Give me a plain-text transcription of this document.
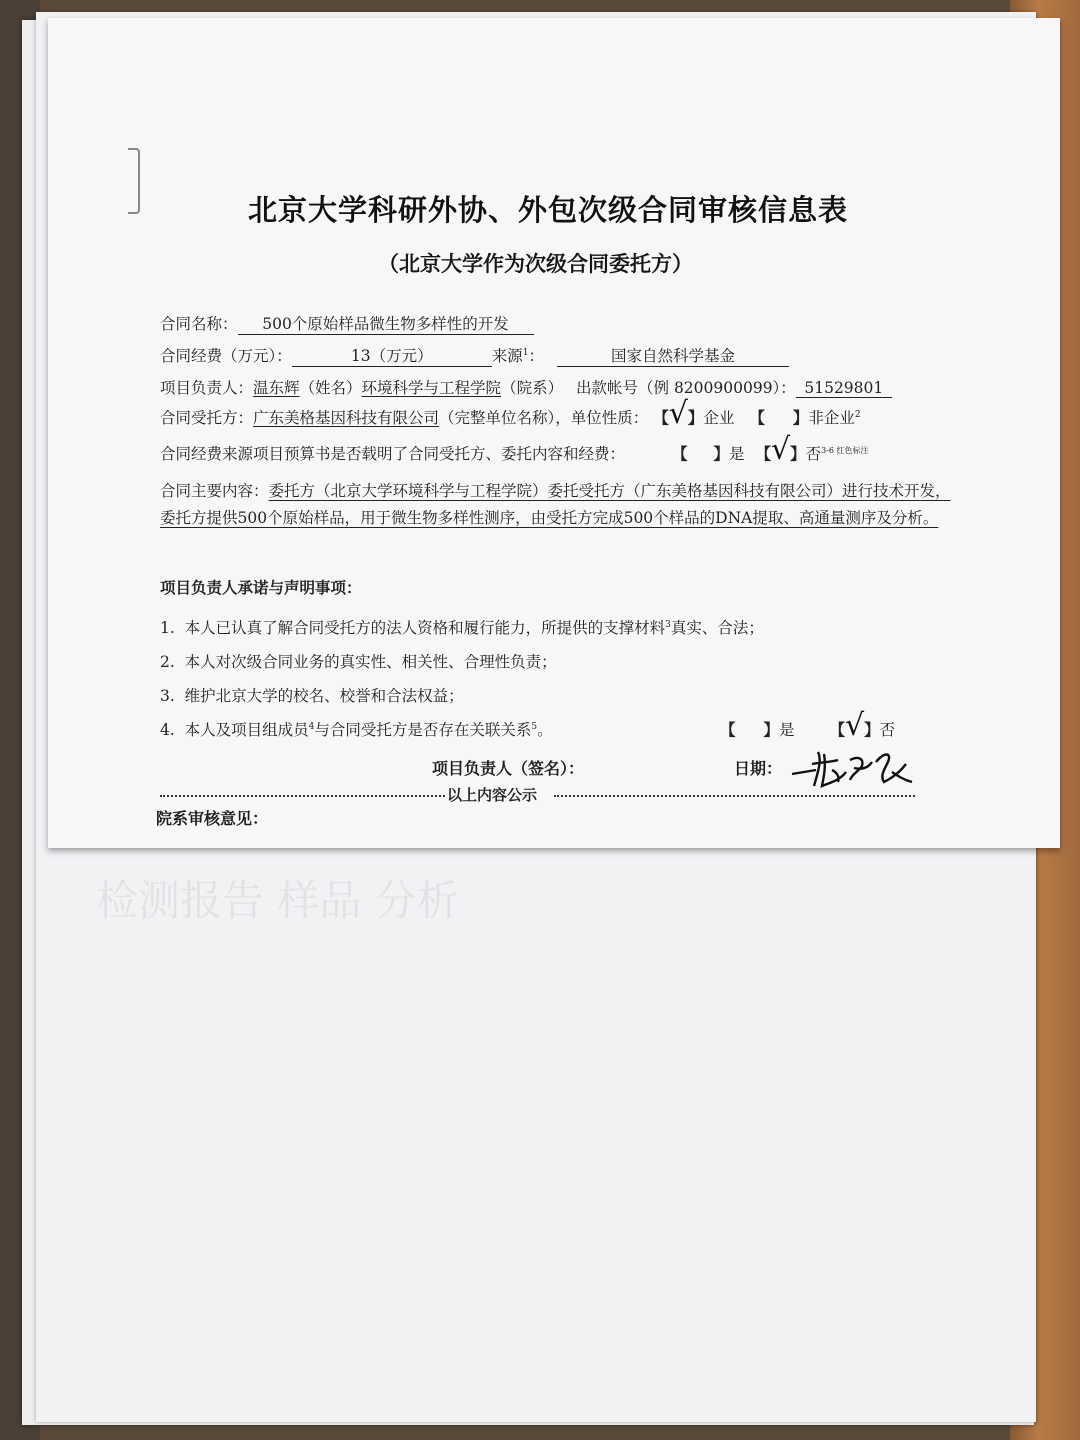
检测报告 样品 分析
北京大学科研外协、外包次级合同审核信息表
（北京大学作为次级合同委托方）
合同名称： 500个原始样品微生物多样性的开发
合同经费（万元）：	13（万元）	来源$^1$：	国家自然科学基金
项目负责人：温东辉（姓名）环境科学与工程学院（院系） 出款帐号（例 8200900099）： 51529801
合同受托方：广东美格基因科技有限公司（完整单位名称），单位性质： 【√】企业 【 】非企业$^2$
合同经费来源项目预算书是否载明了合同受托方、委托内容和经费：	【 】是 【√】否$^{3-6 红色标注}$
合同主要内容：委托方（北京大学环境科学与工程学院）委托受托方（广东美格基因科技有限公司）进行技术开发，委托方提供500个原始样品，用于微生物多样性测序，由受托方完成500个样品的DNA提取、高通量测序及分析。
项目负责人承诺与声明事项：
1. 本人已认真了解合同受托方的法人资格和履行能力，所提供的支撑材料$^3$真实、合法；
2. 本人对次级合同业务的真实性、相关性、合理性负责；
3. 维护北京大学的校名、校誉和合法权益；
4. 本人及项目组成员$^4$与合同受托方是否存在关联关系$^5$。	【 】是 【√】否
项目负责人（签名）：	日期：
以上内容公示
院系审核意见：
